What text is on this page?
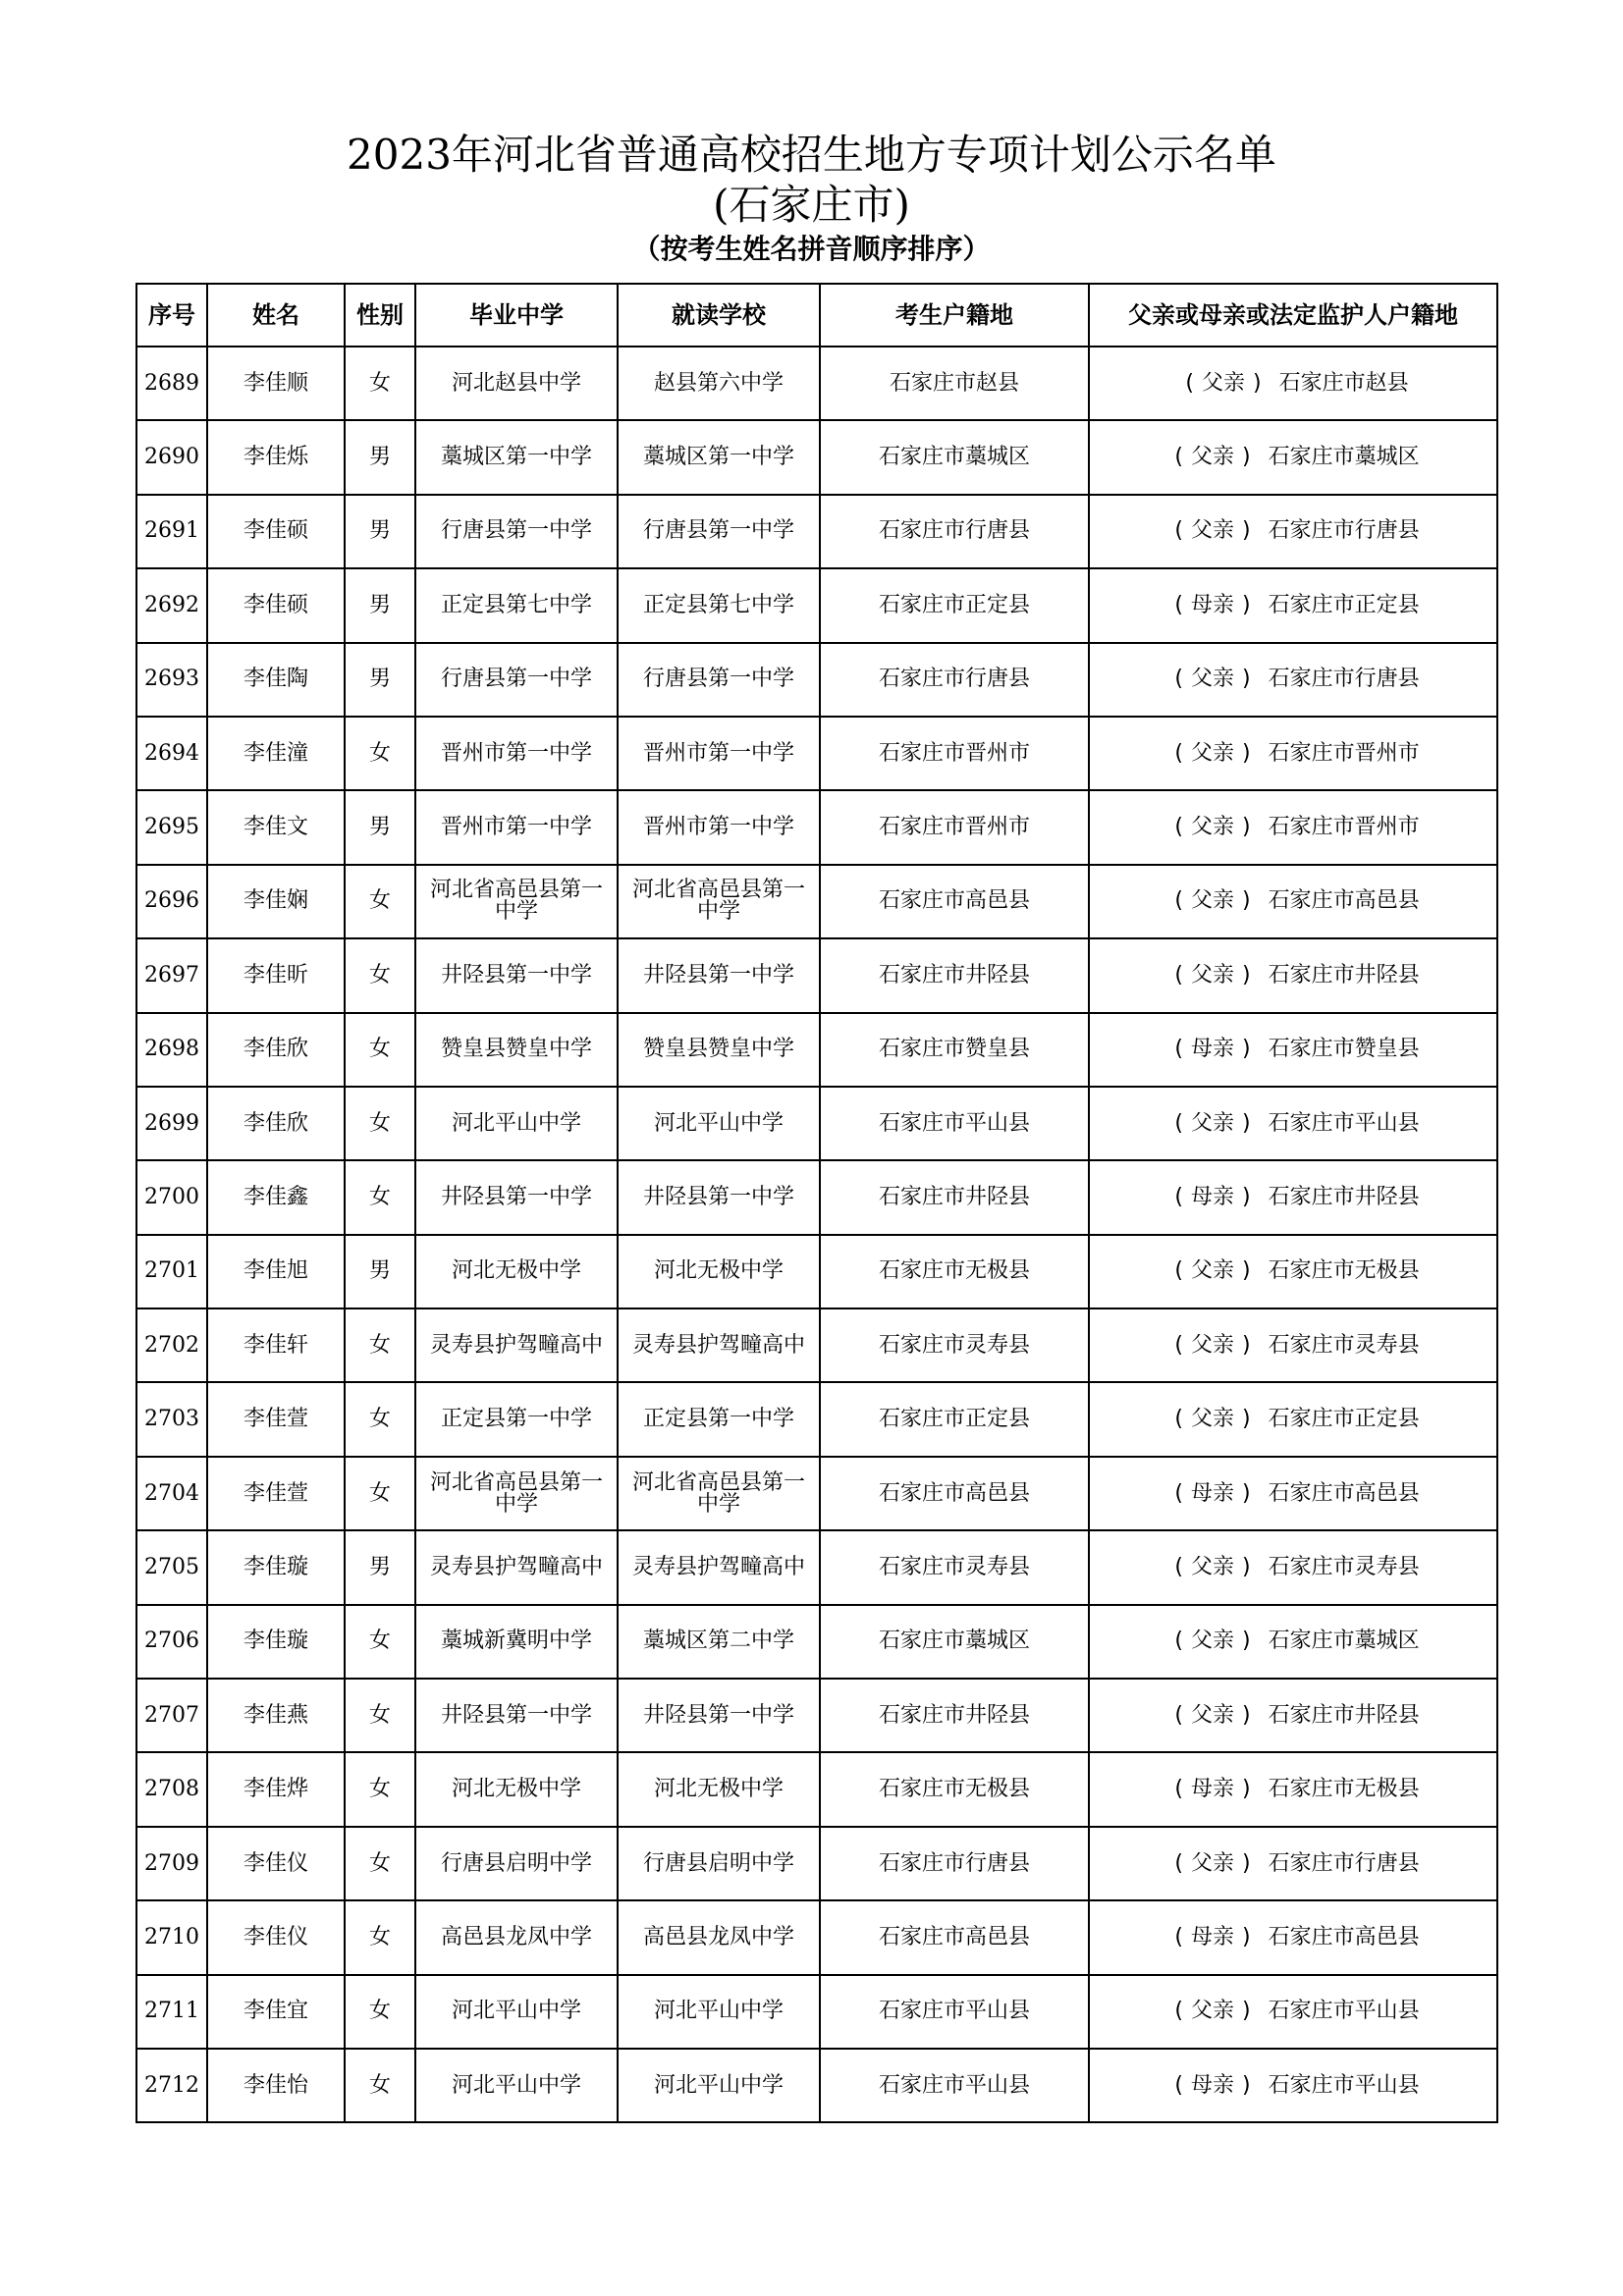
2023年河北省普通高校招生地方专项计划公示名单
(石家庄市)
（按考生姓名拼音顺序排序）
序号	姓名	性别	毕业中学	就读学校	考生户籍地	父亲或母亲或法定监护人户籍地
2689	李佳顺	女	河北赵县中学	赵县第六中学	石家庄市赵县	( 父亲 ) 石家庄市赵县
2690	李佳烁	男	藁城区第一中学	藁城区第一中学	石家庄市藁城区	( 父亲 ) 石家庄市藁城区
2691	李佳硕	男	行唐县第一中学	行唐县第一中学	石家庄市行唐县	( 父亲 ) 石家庄市行唐县
2692	李佳硕	男	正定县第七中学	正定县第七中学	石家庄市正定县	( 母亲 ) 石家庄市正定县
2693	李佳陶	男	行唐县第一中学	行唐县第一中学	石家庄市行唐县	( 父亲 ) 石家庄市行唐县
2694	李佳潼	女	晋州市第一中学	晋州市第一中学	石家庄市晋州市	( 父亲 ) 石家庄市晋州市
2695	李佳文	男	晋州市第一中学	晋州市第一中学	石家庄市晋州市	( 父亲 ) 石家庄市晋州市
2696	李佳娴	女	河北省高邑县第一中学	河北省高邑县第一中学	石家庄市高邑县	( 父亲 ) 石家庄市高邑县
2697	李佳昕	女	井陉县第一中学	井陉县第一中学	石家庄市井陉县	( 父亲 ) 石家庄市井陉县
2698	李佳欣	女	赞皇县赞皇中学	赞皇县赞皇中学	石家庄市赞皇县	( 母亲 ) 石家庄市赞皇县
2699	李佳欣	女	河北平山中学	河北平山中学	石家庄市平山县	( 父亲 ) 石家庄市平山县
2700	李佳鑫	女	井陉县第一中学	井陉县第一中学	石家庄市井陉县	( 母亲 ) 石家庄市井陉县
2701	李佳旭	男	河北无极中学	河北无极中学	石家庄市无极县	( 父亲 ) 石家庄市无极县
2702	李佳轩	女	灵寿县护驾疃高中	灵寿县护驾疃高中	石家庄市灵寿县	( 父亲 ) 石家庄市灵寿县
2703	李佳萱	女	正定县第一中学	正定县第一中学	石家庄市正定县	( 父亲 ) 石家庄市正定县
2704	李佳萱	女	河北省高邑县第一中学	河北省高邑县第一中学	石家庄市高邑县	( 母亲 ) 石家庄市高邑县
2705	李佳璇	男	灵寿县护驾疃高中	灵寿县护驾疃高中	石家庄市灵寿县	( 父亲 ) 石家庄市灵寿县
2706	李佳璇	女	藁城新冀明中学	藁城区第二中学	石家庄市藁城区	( 父亲 ) 石家庄市藁城区
2707	李佳燕	女	井陉县第一中学	井陉县第一中学	石家庄市井陉县	( 父亲 ) 石家庄市井陉县
2708	李佳烨	女	河北无极中学	河北无极中学	石家庄市无极县	( 母亲 ) 石家庄市无极县
2709	李佳仪	女	行唐县启明中学	行唐县启明中学	石家庄市行唐县	( 父亲 ) 石家庄市行唐县
2710	李佳仪	女	高邑县龙凤中学	高邑县龙凤中学	石家庄市高邑县	( 母亲 ) 石家庄市高邑县
2711	李佳宜	女	河北平山中学	河北平山中学	石家庄市平山县	( 父亲 ) 石家庄市平山县
2712	李佳怡	女	河北平山中学	河北平山中学	石家庄市平山县	( 母亲 ) 石家庄市平山县
